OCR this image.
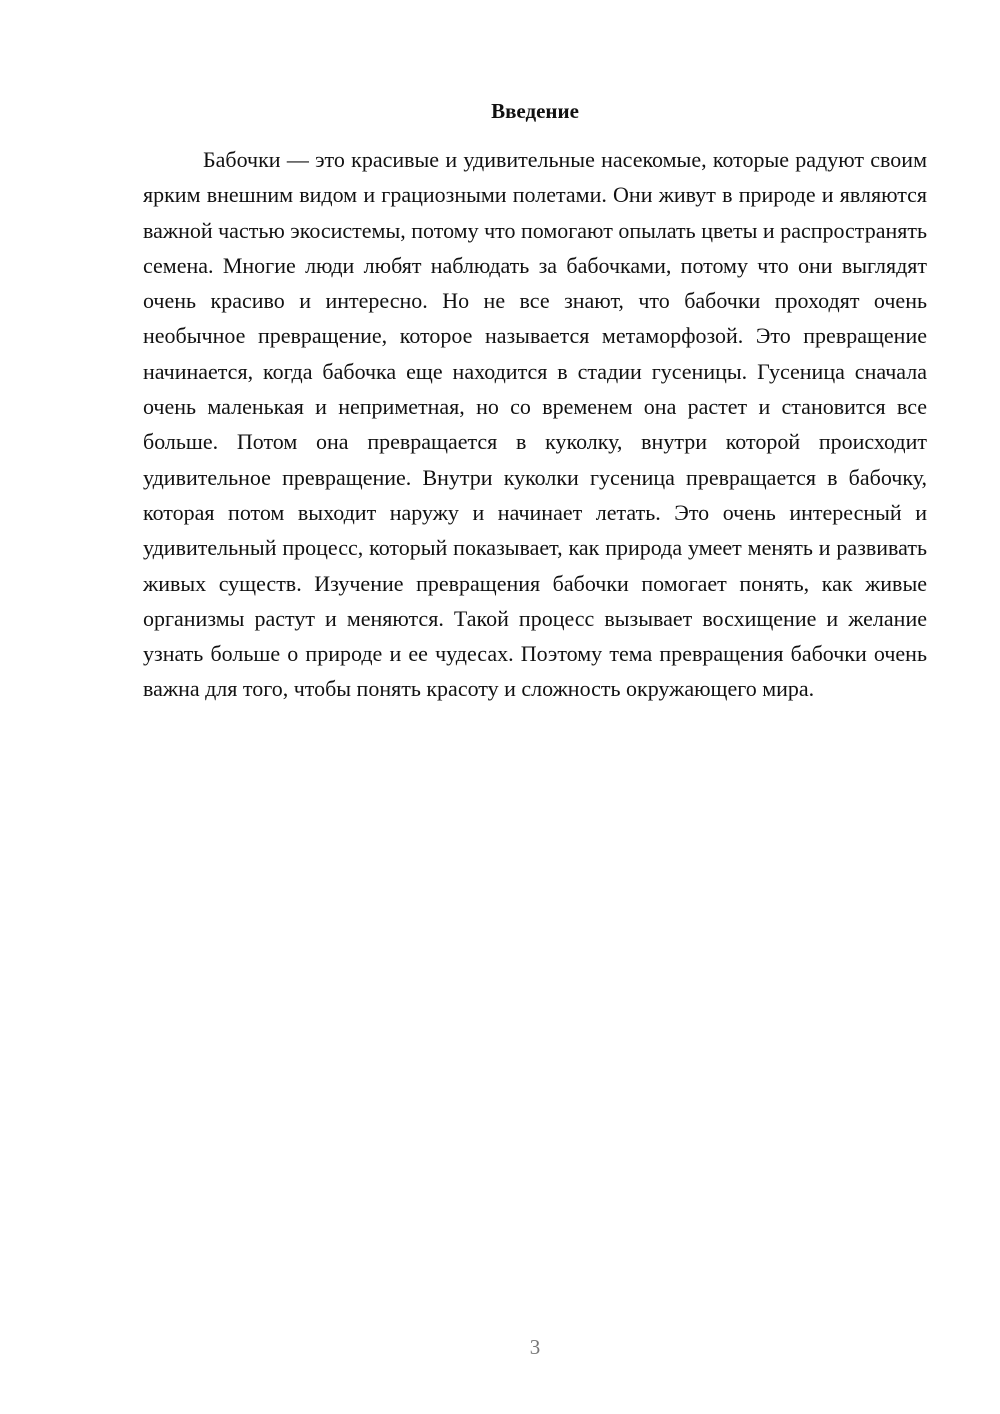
Введение

Бабочки — это красивые и удивительные насекомые, которые радуют своим ярким внешним видом и грациозными полетами. Они живут в природе и являются важной частью экосистемы, потому что помогают опылать цветы и распространять семена. Многие люди любят наблюдать за бабочками, потому что они выглядят очень красиво и интересно. Но не все знают, что бабочки проходят очень необычное превращение, которое называется метаморфозой. Это превращение начинается, когда бабочка еще находится в стадии гусеницы. Гусеница сначала очень маленькая и неприметная, но со временем она растет и становится все больше. Потом она превращается в куколку, внутри которой происходит удивительное превращение. Внутри куколки гусеница превращается в бабочку, которая потом выходит наружу и начинает летать. Это очень интересный и удивительный процесс, который показывает, как природа умеет менять и развивать живых существ. Изучение превращения бабочки помогает понять, как живые организмы растут и меняются. Такой процесс вызывает восхищение и желание узнать больше о природе и ее чудесах. Поэтому тема превращения бабочки очень важна для того, чтобы понять красоту и сложность окружающего мира.

3
